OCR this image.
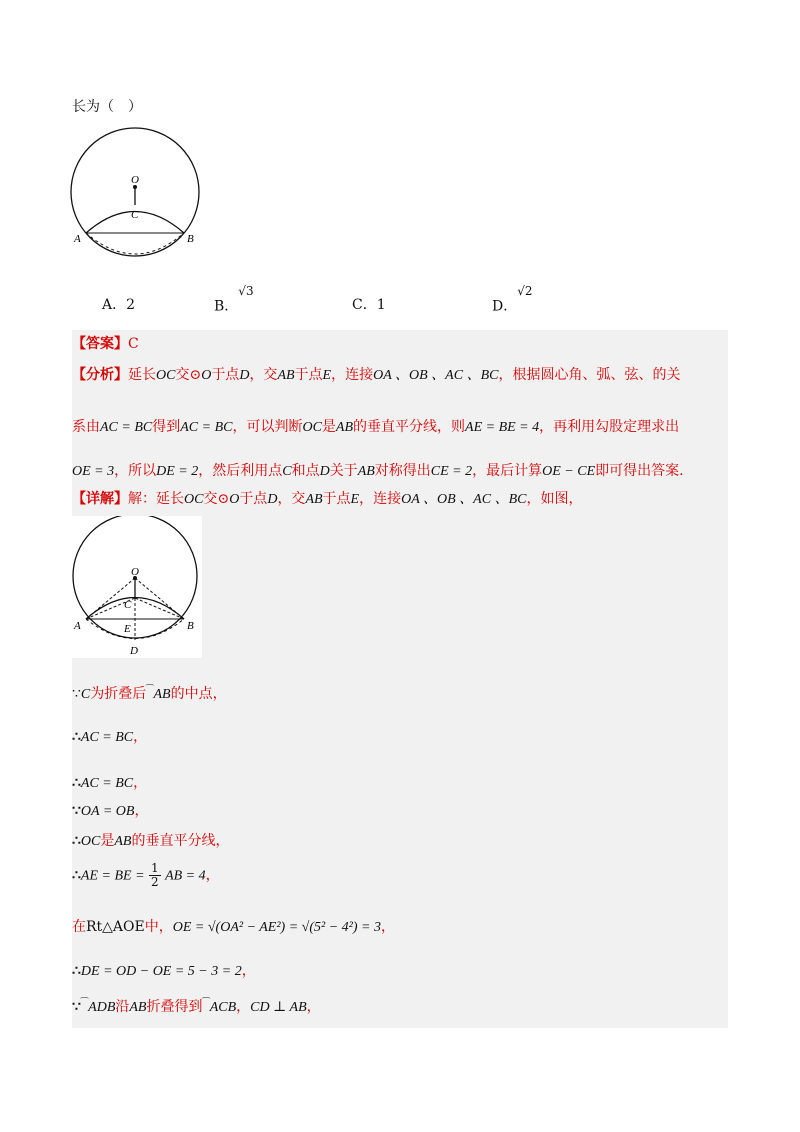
长为（　）
O
C
A	B
A．2	B．$^{√3}$
C．1	D．$^{√2}$
【答案】C
【分析】延长OC交⊙O于点D，交AB于点E，连接OA 、OB 、AC 、BC，根据圆心角、弧、弦、的关
系由AC = BC得到AC = BC，可以判断OC是AB的垂直平分线，则AE = BE = 4，再利用勾股定理求出
OE = 3，所以DE = 2，然后利用点C和点D关于AB对称得出CE = 2，最后计算OE − CE即可得出答案.
【详解】解：延长OC交⊙O于点D，交AB于点E，连接OA 、OB 、AC 、BC，如图，
O
C
A	B
E
D
∵C为折叠后⁀AB的中点，
∴AC = BC，
∴AC = BC，
∵OA = OB，
∴OC是AB的垂直平分线，
∴AE = BE = $\frac{1}{2}$ AB = 4，
在Rt△AOE中，OE = √(OA² − AE²) = √(5² − 4²) = 3，
∴DE = OD − OE = 5 − 3 = 2，
∵⁀ADB沿AB折叠得到⁀ACB，CD ⊥ AB，
